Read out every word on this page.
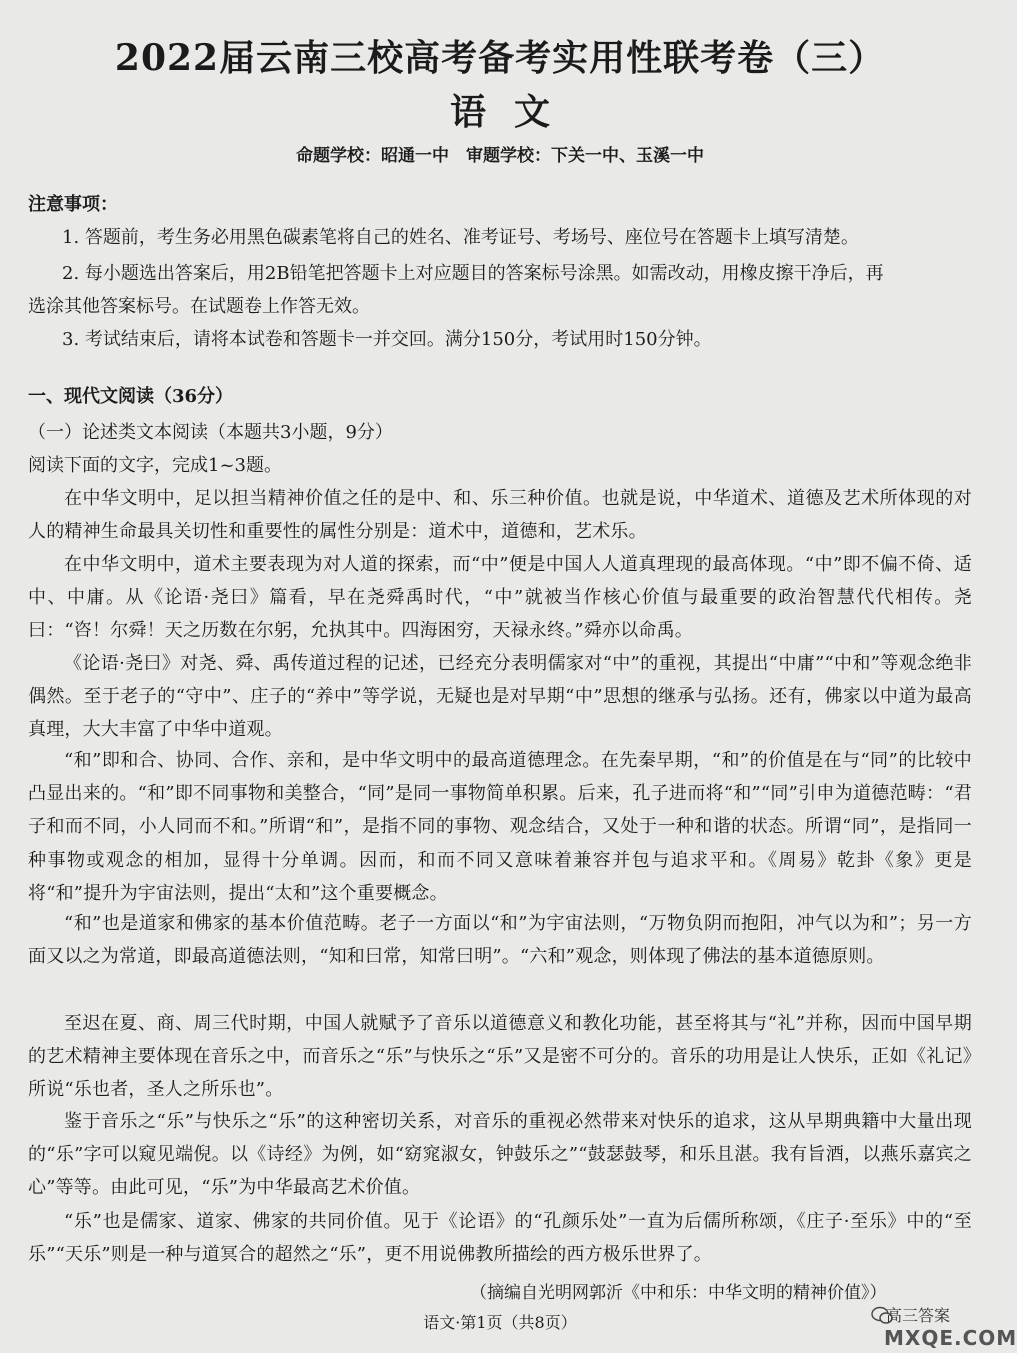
2022届云南三校高考备考实用性联考卷（三）
语文
命题学校：昭通一中　审题学校：下关一中、玉溪一中
注意事项：
1. 答题前，考生务必用黑色碳素笔将自己的姓名、准考证号、考场号、座位号在答题卡上填写清楚。
2. 每小题选出答案后，用2B铅笔把答题卡上对应题目的答案标号涂黑。如需改动，用橡皮擦干净后，再
选涂其他答案标号。在试题卷上作答无效。
3. 考试结束后，请将本试卷和答题卡一并交回。满分150分，考试用时150分钟。
一、现代文阅读（36分）
（一）论述类文本阅读（本题共3小题，9分）
阅读下面的文字，完成1~3题。
在中华文明中，足以担当精神价值之任的是中、和、乐三种价值。也就是说，中华道术、道德及艺术所体现的对人的精神生命最具关切性和重要性的属性分别是：道术中，道德和，艺术乐。
在中华文明中，道术主要表现为对人道的探索，而“中”便是中国人人道真理现的最高体现。“中”即不偏不倚、适中、中庸。从《论语·尧曰》篇看，早在尧舜禹时代，“中”就被当作核心价值与最重要的政治智慧代代相传。尧曰：“咨！尔舜！天之历数在尔躬，允执其中。四海困穷，天禄永终。”舜亦以命禹。
《论语·尧曰》对尧、舜、禹传道过程的记述，已经充分表明儒家对“中”的重视，其提出“中庸”“中和”等观念绝非偶然。至于老子的“守中”、庄子的“养中”等学说，无疑也是对早期“中”思想的继承与弘扬。还有，佛家以中道为最高真理，大大丰富了中华中道观。
“和”即和合、协同、合作、亲和，是中华文明中的最高道德理念。在先秦早期，“和”的价值是在与“同”的比较中凸显出来的。“和”即不同事物和美整合，“同”是同一事物简单积累。后来，孔子进而将“和”“同”引申为道德范畴：“君子和而不同，小人同而不和。”所谓“和”，是指不同的事物、观念结合，又处于一种和谐的状态。所谓“同”，是指同一种事物或观念的相加，显得十分单调。因而，和而不同又意味着兼容并包与追求平和。《周易》乾卦《象》更是将“和”提升为宇宙法则，提出“太和”这个重要概念。
“和”也是道家和佛家的基本价值范畴。老子一方面以“和”为宇宙法则，“万物负阴而抱阳，冲气以为和”；另一方面又以之为常道，即最高道德法则，“知和曰常，知常曰明”。“六和”观念，则体现了佛法的基本道德原则。
至迟在夏、商、周三代时期，中国人就赋予了音乐以道德意义和教化功能，甚至将其与“礼”并称，因而中国早期的艺术精神主要体现在音乐之中，而音乐之“乐”与快乐之“乐”又是密不可分的。音乐的功用是让人快乐，正如《礼记》所说“乐也者，圣人之所乐也”。
鉴于音乐之“乐”与快乐之“乐”的这种密切关系，对音乐的重视必然带来对快乐的追求，这从早期典籍中大量出现的“乐”字可以窥见端倪。以《诗经》为例，如“窈窕淑女，钟鼓乐之”“鼓瑟鼓琴，和乐且湛。我有旨酒，以燕乐嘉宾之心”等等。由此可见，“乐”为中华最高艺术价值。
“乐”也是儒家、道家、佛家的共同价值。见于《论语》的“孔颜乐处”一直为后儒所称颂，《庄子·至乐》中的“至乐”“天乐”则是一种与道冥合的超然之“乐”，更不用说佛教所描绘的西方极乐世界了。
（摘编自光明网郭沂《中和乐：中华文明的精神价值》）
语文·第1页（共8页）	高三答案
MXQE.COM
